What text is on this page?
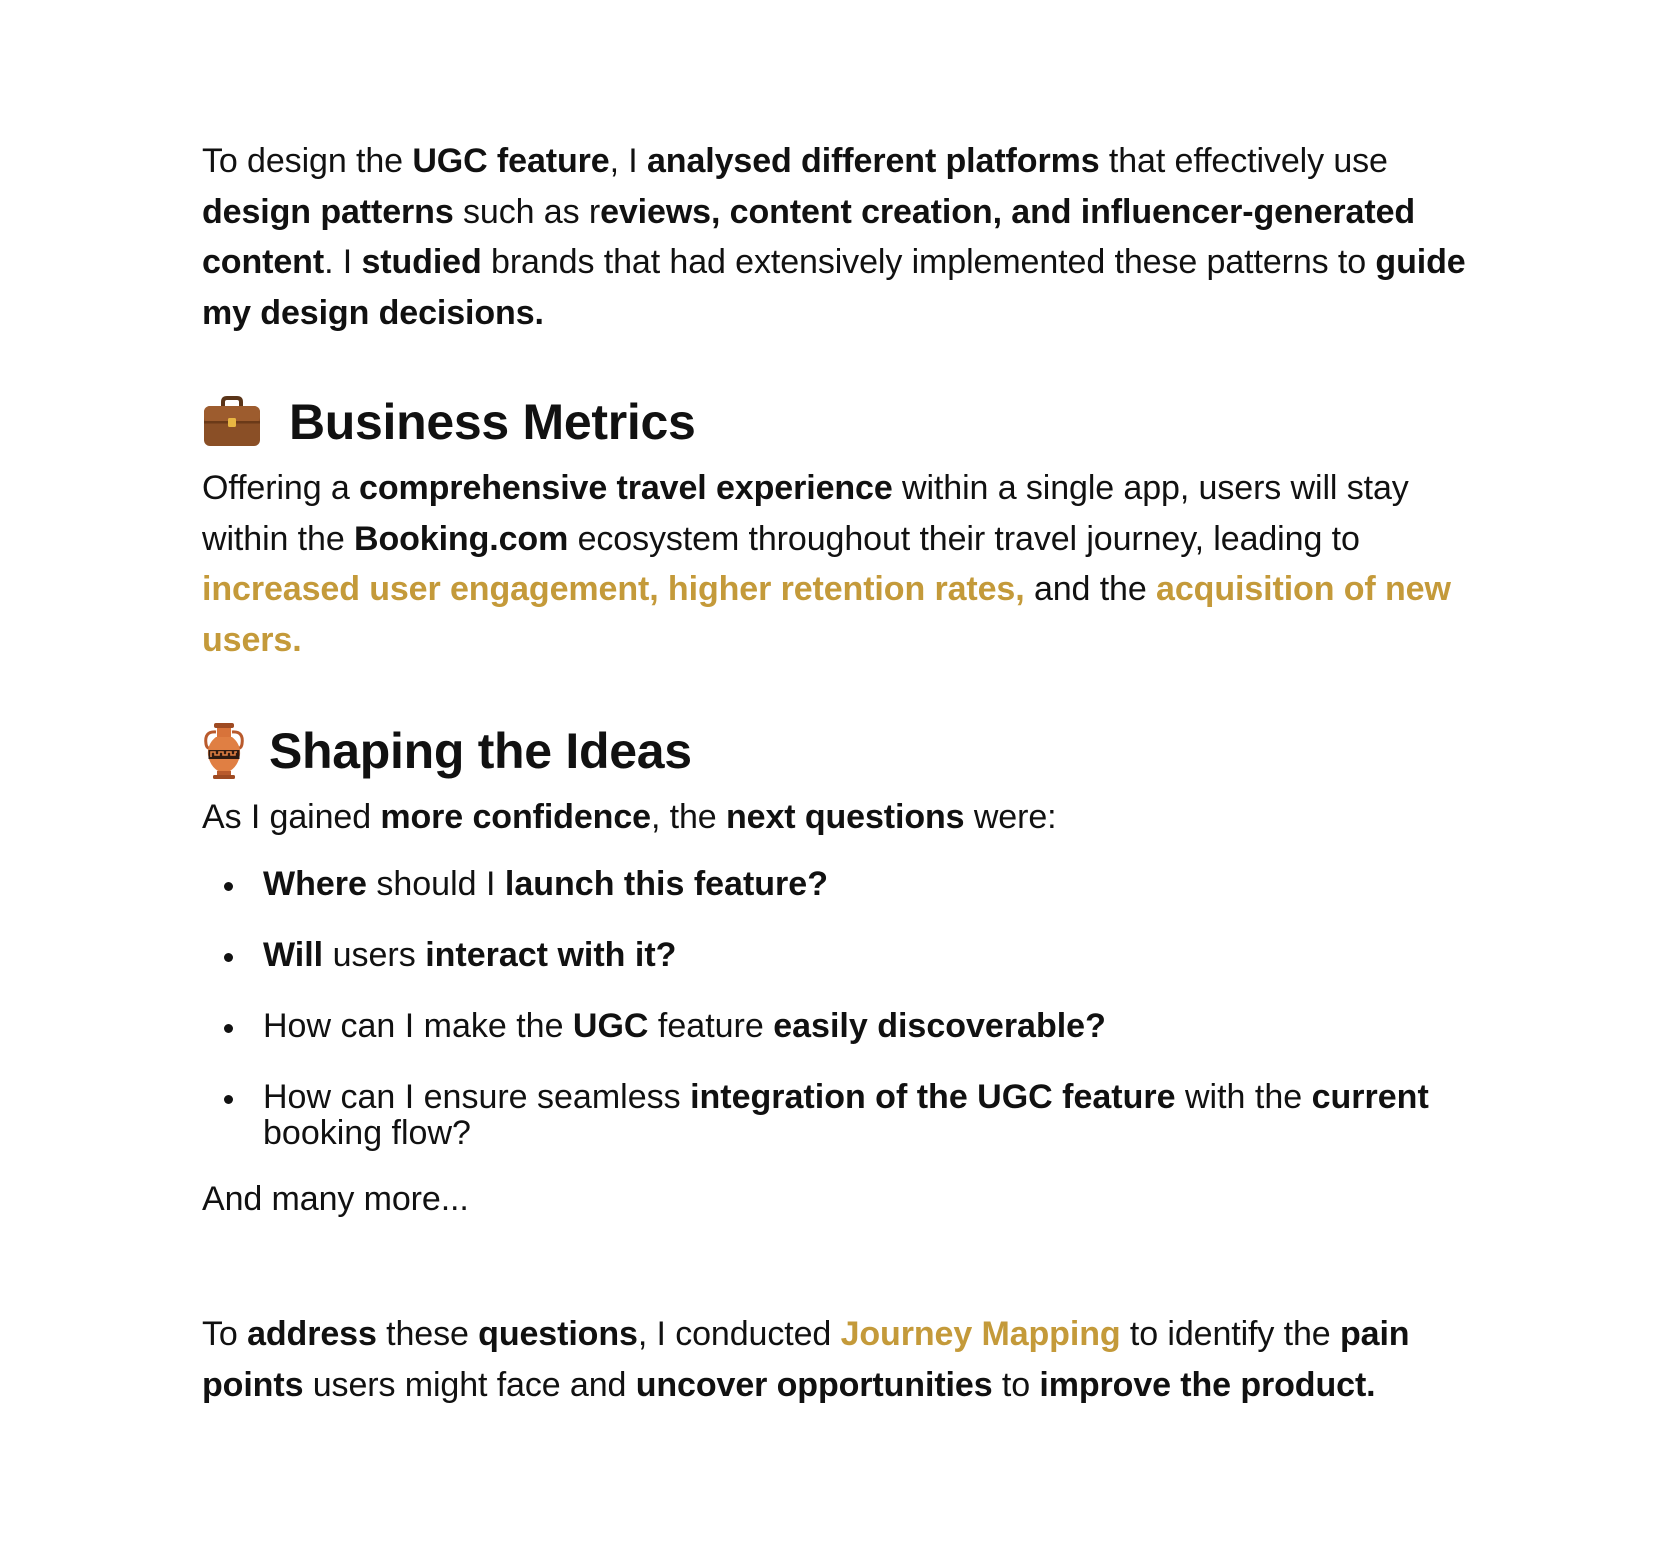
To design the UGC feature, I analysed different platforms that effectively use design patterns such as reviews, content creation, and influencer-generated content. I studied brands that had extensively implemented these patterns to guide my design decisions.

Business Metrics

Offering a comprehensive travel experience within a single app, users will stay within the Booking.com ecosystem throughout their travel journey, leading to increased user engagement, higher retention rates, and the acquisition of new users.

Shaping the Ideas

As I gained more confidence, the next questions were:

Where should I launch this feature?
Will users interact with it?
How can I make the UGC feature easily discoverable?
How can I ensure seamless integration of the UGC feature with the current booking flow?

And many more...

To address these questions, I conducted Journey Mapping to identify the pain points users might face and uncover opportunities to improve the product.
